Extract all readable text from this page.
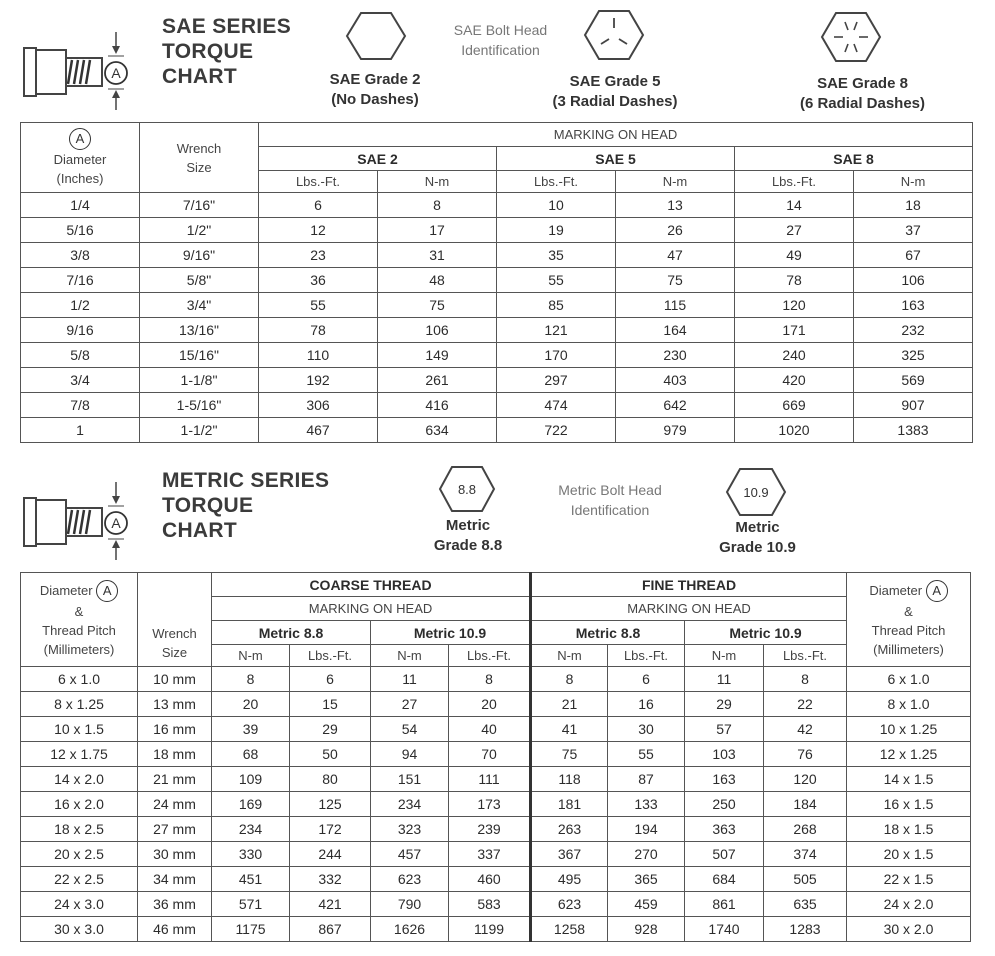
A
SAE SERIES
TORQUE
CHART	SAE Grade 2
(No Dashes)
SAE Bolt Head
Identification
SAE Grade 5
(3 Radial Dashes)
SAE Grade 8
(6 Radial Dashes)
A
Diameter
(Inches)	Wrench
Size	MARKING ON HEAD					
		SAE 2		SAE 5		SAE 8	
		Lbs.-Ft.	N-m	Lbs.-Ft.	N-m	Lbs.-Ft.	N-m
1/4	7/16"	6	8	10	13	14	18
5/16	1/2"	12	17	19	26	27	37
3/8	9/16"	23	31	35	47	49	67
7/16	5/8"	36	48	55	75	78	106
1/2	3/4"	55	75	85	115	120	163
9/16	13/16"	78	106	121	164	171	232
5/8	15/16"	110	149	170	230	240	325
3/4	1-1/8"	192	261	297	403	420	569
7/8	1-5/16"	306	416	474	642	669	907
1	1-1/2"	467	634	722	979	1020	1383
A
METRIC SERIES
TORQUE
CHART
8.8
Metric
Grade 8.8
Metric Bolt Head
Identification
10.9
Metric
Grade 10.9
Diameter A
&
Thread Pitch
(Millimeters)	Wrench
Size	COARSE THREAD				FINE THREAD				Diameter A
&
Thread Pitch
(Millimeters)
		MARKING ON HEAD				MARKING ON HEAD				
		Metric 8.8		Metric 10.9		Metric 8.8		Metric 10.9		
		N-m	Lbs.-Ft.	N-m	Lbs.-Ft.	N-m	Lbs.-Ft.	N-m	Lbs.-Ft.	
6 x 1.0	10 mm	8	6	11	8	8	6	11	8	6 x 1.0
8 x 1.25	13 mm	20	15	27	20	21	16	29	22	8 x 1.0
10 x 1.5	16 mm	39	29	54	40	41	30	57	42	10 x 1.25
12 x 1.75	18 mm	68	50	94	70	75	55	103	76	12 x 1.25
14 x 2.0	21 mm	109	80	151	111	118	87	163	120	14 x 1.5
16 x 2.0	24 mm	169	125	234	173	181	133	250	184	16 x 1.5
18 x 2.5	27 mm	234	172	323	239	263	194	363	268	18 x 1.5
20 x 2.5	30 mm	330	244	457	337	367	270	507	374	20 x 1.5
22 x 2.5	34 mm	451	332	623	460	495	365	684	505	22 x 1.5
24 x 3.0	36 mm	571	421	790	583	623	459	861	635	24 x 2.0
30 x 3.0	46 mm	1175	867	1626	1199	1258	928	1740	1283	30 x 2.0
